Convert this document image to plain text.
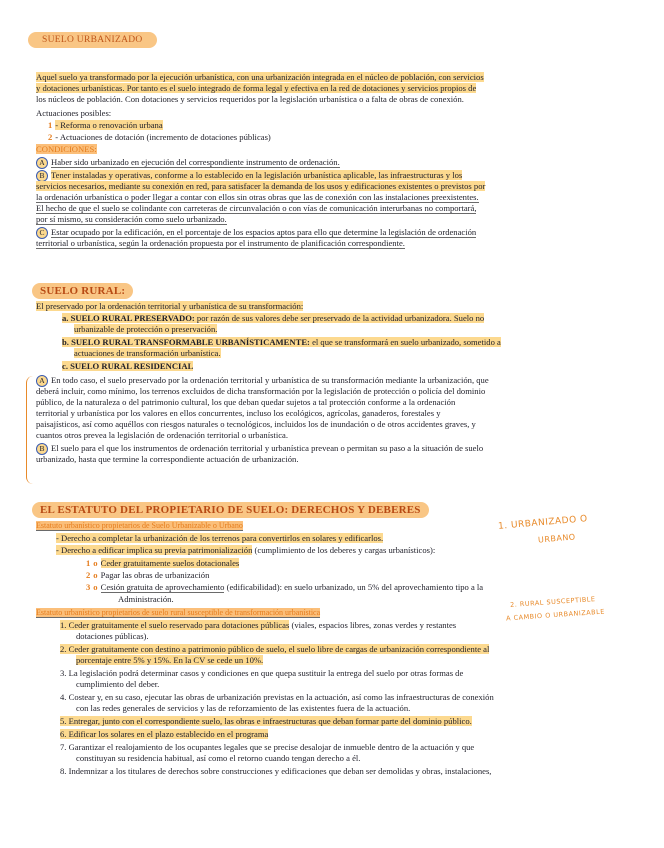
SUELO URBANIZADO
Aquel suelo ya transformado por la ejecución urbanística, con una urbanización integrada en el núcleo de población, con servicios
y dotaciones urbanísticas. Por tanto es el suelo integrado de forma legal y efectiva en la red de dotaciones y servicios propios de
los núcleos de población. Con dotaciones y servicios requeridos por la legislación urbanística o a falta de obras de conexión.
Actuaciones posibles:
1 - Reforma o renovación urbana
2 - Actuaciones de dotación (incremento de dotaciones públicas)
CONDICIONES:
A Haber sido urbanizado en ejecución del correspondiente instrumento de ordenación.
B Tener instaladas y operativas, conforme a lo establecido en la legislación urbanística aplicable, las infraestructuras y los
servicios necesarios, mediante su conexión en red, para satisfacer la demanda de los usos y edificaciones existentes o previstos por
la ordenación urbanística o poder llegar a contar con ellos sin otras obras que las de conexión con las instalaciones preexistentes.
El hecho de que el suelo se colindante con carreteras de circunvalación o con vías de comunicación interurbanas no comportará,
por sí mismo, su consideración como suelo urbanizado.
C Estar ocupado por la edificación, en el porcentaje de los espacios aptos para ello que determine la legislación de ordenación
territorial o urbanística, según la ordenación propuesta por el instrumento de planificación correspondiente.
SUELO RURAL:
El preservado por la ordenación territorial y urbanística de su transformación:
a. SUELO RURAL PRESERVADO: por razón de sus valores debe ser preservado de la actividad urbanizadora. Suelo no
urbanizable de protección o preservación.
b. SUELO RURAL TRANSFORMABLE URBANÍSTICAMENTE: el que se transformará en suelo urbanizado, sometido a
actuaciones de transformación urbanística.
c. SUELO RURAL RESIDENCIAL
A En todo caso, el suelo preservado por la ordenación territorial y urbanística de su transformación mediante la urbanización, que
deberá incluir, como mínimo, los terrenos excluidos de dicha transformación por la legislación de protección o policía del dominio
público, de la naturaleza o del patrimonio cultural, los que deban quedar sujetos a tal protección conforme a la ordenación
territorial y urbanística por los valores en ellos concurrentes, incluso los ecológicos, agrícolas, ganaderos, forestales y
paisajísticos, así como aquéllos con riesgos naturales o tecnológicos, incluidos los de inundación o de otros accidentes graves, y
cuantos otros prevea la legislación de ordenación territorial o urbanística.
B El suelo para el que los instrumentos de ordenación territorial y urbanística prevean o permitan su paso a la situación de suelo
urbanizado, hasta que termine la correspondiente actuación de urbanización.
EL ESTATUTO DEL PROPIETARIO DE SUELO: DERECHOS Y DEBERES
Estatuto urbanístico propietarios de Suelo Urbanizable o Urbano
- Derecho a completar la urbanización de los terrenos para convertirlos en solares y edificarlos.
- Derecho a edificar implica su previa patrimonialización (cumplimiento de los deberes y cargas urbanísticos):
1 o Ceder gratuitamente suelos dotacionales
2 o Pagar las obras de urbanización
3 o Cesión gratuita de aprovechamiento (edificabilidad): en suelo urbanizado, un 5% del aprovechamiento tipo a la
Administración.
Estatuto urbanístico propietarios de suelo rural susceptible de transformación urbanística
1. Ceder gratuitamente el suelo reservado para dotaciones públicas (viales, espacios libres, zonas verdes y restantes
dotaciones públicas).
2. Ceder gratuitamente con destino a patrimonio público de suelo, el suelo libre de cargas de urbanización correspondiente al
porcentaje entre 5% y 15%. En la CV se cede un 10%.
3. La legislación podrá determinar casos y condiciones en que quepa sustituir la entrega del suelo por otras formas de
cumplimiento del deber.
4. Costear y, en su caso, ejecutar las obras de urbanización previstas en la actuación, así como las infraestructuras de conexión
con las redes generales de servicios y las de reforzamiento de las existentes fuera de la actuación.
5. Entregar, junto con el correspondiente suelo, las obras e infraestructuras que deban formar parte del dominio público.
6. Edificar los solares en el plazo establecido en el programa
7. Garantizar el realojamiento de los ocupantes legales que se precise desalojar de inmueble dentro de la actuación y que
constituyan su residencia habitual, así como el retorno cuando tengan derecho a él.
8. Indemnizar a los titulares de derechos sobre construcciones y edificaciones que deban ser demolidas y obras, instalaciones,
1. URBANIZADO O
URBANO
2. RURAL SUSCEPTIBLE
A CAMBIO O URBANIZABLE
